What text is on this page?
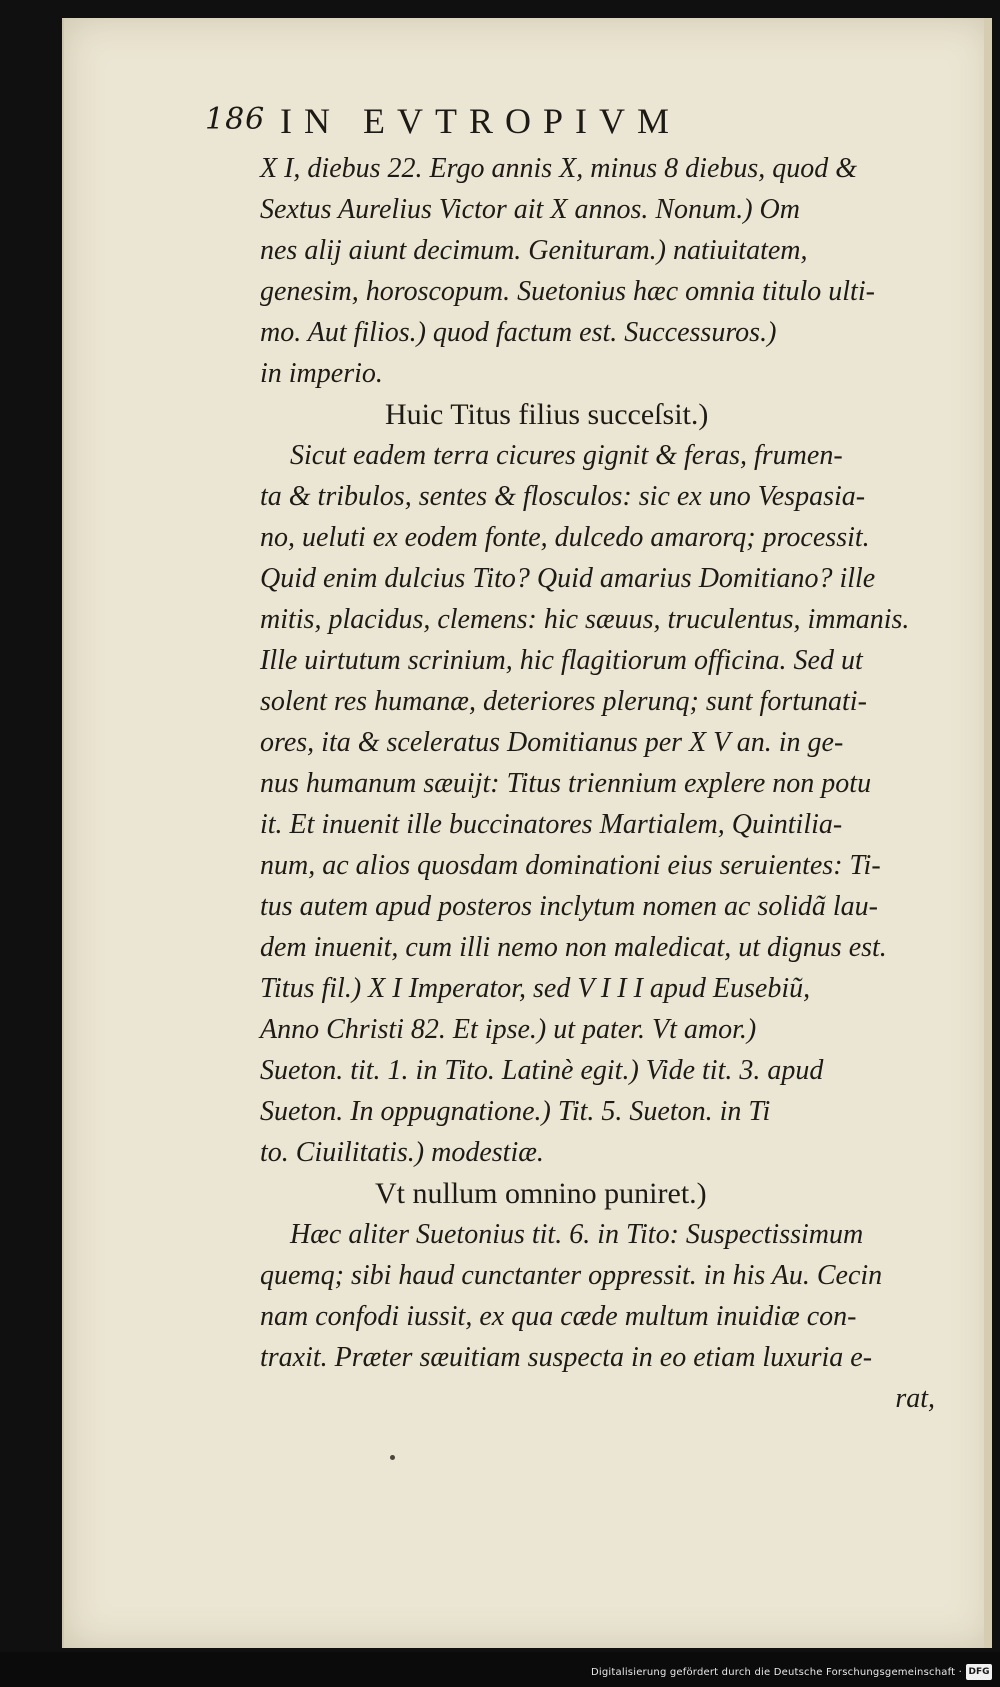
186 IN EVTROPIVM
X I, diebus 22. Ergo annis X, minus 8 diebus, quod &
Sextus Aurelius Victor ait X annos. Nonum.) Om
nes alij aiunt decimum. Genituram.) natiuitatem,
genesim, horoscopum. Suetonius hæc omnia titulo ulti-
mo. Aut filios.) quod factum est. Successuros.)
in imperio.
Huic Titus filius succeſsit.)
Sicut eadem terra cicures gignit & feras, frumen-
ta & tribulos, sentes & flosculos: sic ex uno Vespasia-
no, ueluti ex eodem fonte, dulcedo amarorq; processit.
Quid enim dulcius Tito? Quid amarius Domitiano? ille
mitis, placidus, clemens: hic sæuus, truculentus, immanis.
Ille uirtutum scrinium, hic flagitiorum officina. Sed ut
solent res humanæ, deteriores plerunq; sunt fortunati-
ores, ita & sceleratus Domitianus per X V an. in ge-
nus humanum sæuijt: Titus triennium explere non potu
it. Et inuenit ille buccinatores Martialem, Quintilia-
num, ac alios quosdam dominationi eius seruientes: Ti-
tus autem apud posteros inclytum nomen ac solidã lau-
dem inuenit, cum illi nemo non maledicat, ut dignus est.
Titus fil.) X I Imperator, sed V I I I apud Eusebiũ,
Anno Christi 82. Et ipse.) ut pater. Vt amor.)
Sueton. tit. 1. in Tito. Latinè egit.) Vide tit. 3. apud
Sueton. In oppugnatione.) Tit. 5. Sueton. in Ti
to. Ciuilitatis.) modestiæ.
Vt nullum omnino puniret.)
Hæc aliter Suetonius tit. 6. in Tito: Suspectissimum
quemq; sibi haud cunctanter oppressit. in his Au. Cecin
nam confodi iussit, ex qua cæde multum inuidiæ con-
traxit. Præter sæuitiam suspecta in eo etiam luxuria e-
rat,
Digitalisierung gefördert durch die Deutsche Forschungsgemeinschaft · DFG
